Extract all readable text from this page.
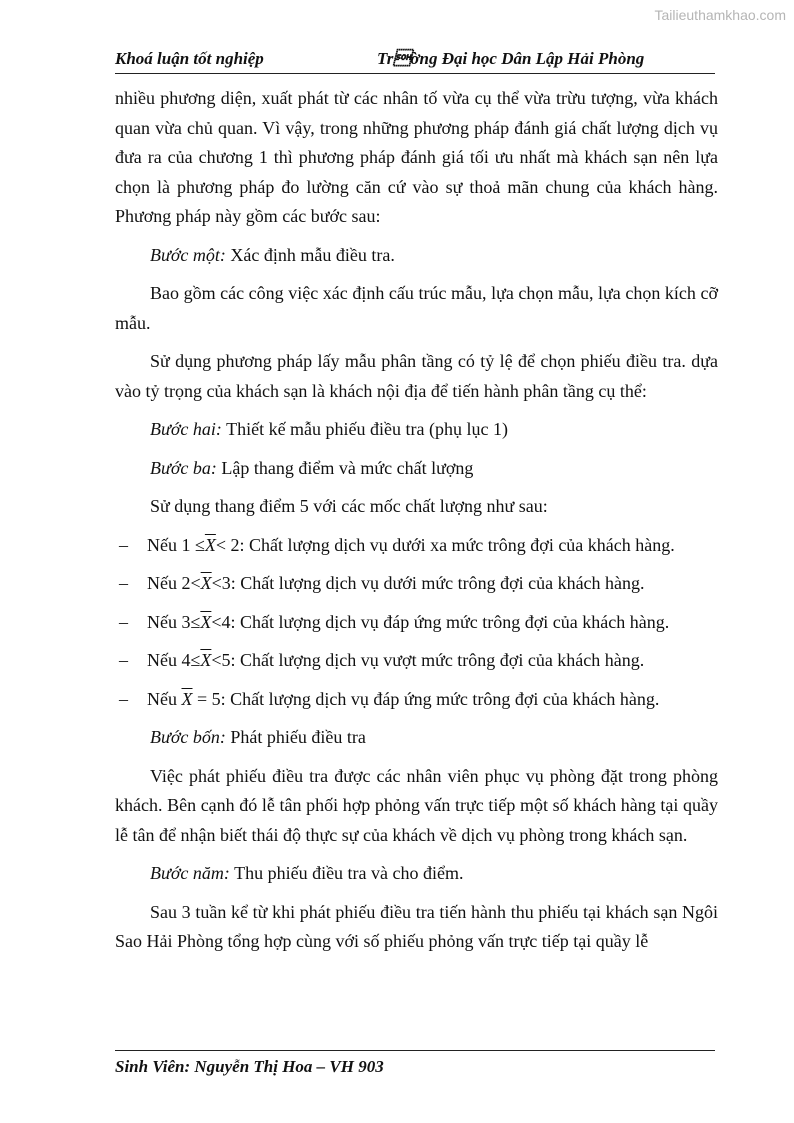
Tailieuthamkhao.com
Khoá luận tốt nghiệp	Trờng Đại học Dân Lập Hải Phòng

nhiều phương diện, xuất phát từ các nhân tố vừa cụ thể vừa trừu tượng, vừa khách quan vừa chủ quan. Vì vậy, trong những phương pháp đánh giá chất lượng dịch vụ đưa ra của chương 1 thì phương pháp đánh giá tối ưu nhất mà khách sạn nên lựa chọn là phương pháp đo lường căn cứ vào sự thoả mãn chung của khách hàng. Phương pháp này gồm các bước sau:

Bước một: Xác định mẫu điều tra.

Bao gồm các công việc xác định cấu trúc mẫu, lựa chọn mẫu, lựa chọn kích cỡ mẫu.

Sử dụng phương pháp lấy mẫu phân tầng có tỷ lệ để chọn phiếu điều tra. dựa vào tỷ trọng của khách sạn là khách nội địa để tiến hành phân tầng cụ thể:

Bước hai: Thiết kế mẫu phiếu điều tra (phụ lục 1)

Bước ba: Lập thang điểm và mức chất lượng

Sử dụng thang điểm 5 với các mốc chất lượng như sau:

–	Nếu $1 \le\overline{X}< 2$: Chất lượng dịch vụ dưới xa mức trông đợi của khách hàng.

–	Nếu $2<\overline{X}<3$: Chất lượng dịch vụ dưới mức trông đợi của khách hàng.

–	Nếu $3\le\overline{X}<4$: Chất lượng dịch vụ đáp ứng mức trông đợi của khách hàng.

–	Nếu $4\le\overline{X}<5$: Chất lượng dịch vụ vượt mức trông đợi của khách hàng.

–	Nếu $\overline{X} = 5$: Chất lượng dịch vụ đáp ứng mức trông đợi của khách hàng.

Bước bốn: Phát phiếu điều tra

Việc phát phiếu điều tra được các nhân viên phục vụ phòng đặt trong phòng khách. Bên cạnh đó lễ tân phối hợp phỏng vấn trực tiếp một số khách hàng tại quầy lễ tân để nhận biết thái độ thực sự của khách về dịch vụ phòng trong khách sạn.

Bước năm: Thu phiếu điều tra và cho điểm.

Sau 3 tuần kể từ khi phát phiếu điều tra tiến hành thu phiếu tại khách sạn Ngôi Sao Hải Phòng tổng hợp cùng với số phiếu phỏng vấn trực tiếp tại quầy lễ

Sinh Viên: Nguyễn Thị Hoa – VH 903
